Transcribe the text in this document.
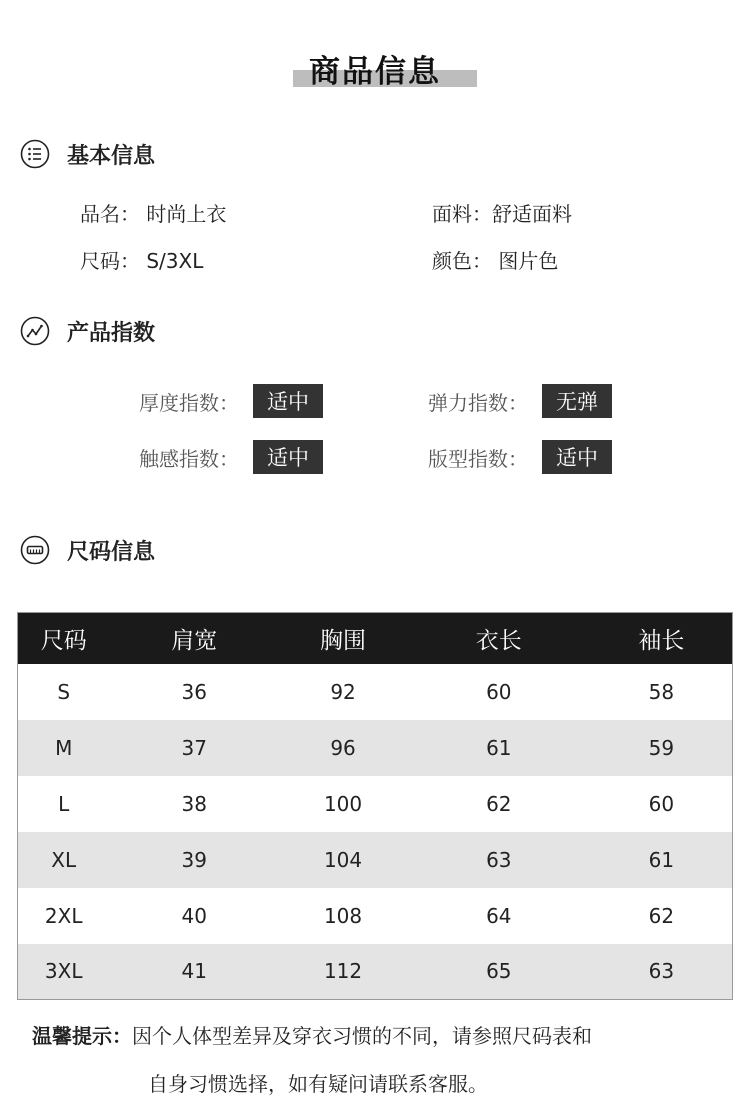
商品信息
基本信息
品名： 时尚上衣	面料：舒适面料
尺码： S/3XL	颜色： 图片色
产品指数
厚度指数：	适中	弹力指数：	无弹
触感指数：	适中	版型指数：	适中
尺码信息
尺码	肩宽	胸围	衣长	袖长
S	36	92	60	58
M	37	96	61	59
L	38	100	62	60
XL	39	104	63	61
2XL	40	108	64	62
3XL	41	112	65	63
温馨提示：因个人体型差异及穿衣习惯的不同，请参照尺码表和
自身习惯选择，如有疑问请联系客服。
